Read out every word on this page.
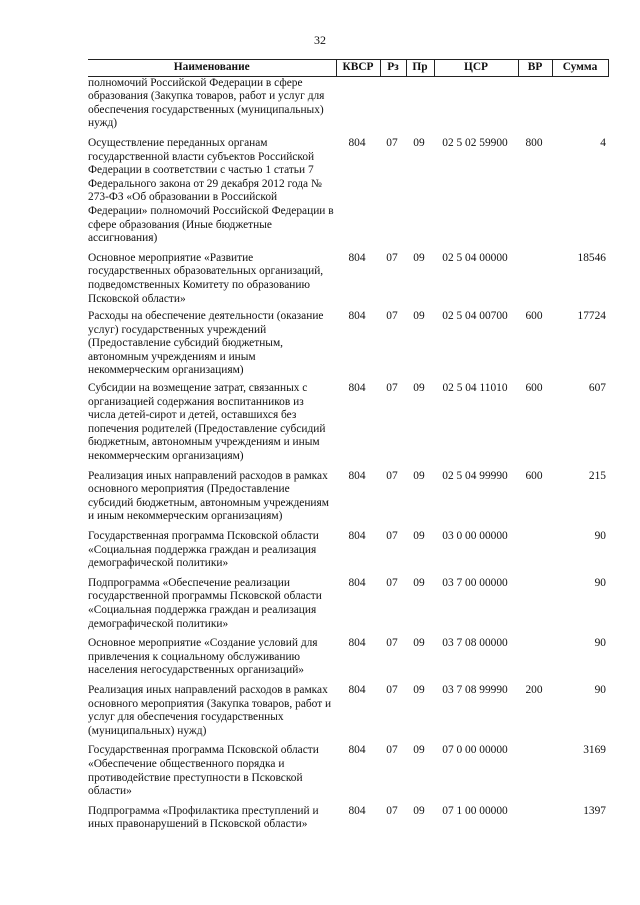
32
Наименование	КВСР	Рз	Пр	ЦСР	ВР	Сумма
полномочий Российской Федерации в сфере образования (Закупка товаров, работ и услуг для обеспечения государственных (муниципальных) нужд)						
Осуществление переданных органам государственной власти субъектов Российской Федерации в соответствии с частью 1 статьи 7 Федерального закона от 29 декабря 2012 года № 273-ФЗ «Об образовании в Российской Федерации» полномочий Российской Федерации в сфере образования (Иные бюджетные ассигнования)	804	07	09	02 5 02 59900	800	4
Основное мероприятие «Развитие государственных образовательных организаций, подведомственных Комитету по образованию Псковской области»	804	07	09	02 5 04 00000		18546
Расходы на обеспечение деятельности (оказание услуг) государственных учреждений (Предоставление субсидий бюджетным, автономным учреждениям и иным некоммерческим организациям)	804	07	09	02 5 04 00700	600	17724
Субсидии на возмещение затрат, связанных с организацией содержания воспитанников из числа детей-сирот и детей, оставшихся без попечения родителей (Предоставление субсидий бюджетным, автономным учреждениям и иным некоммерческим организациям)	804	07	09	02 5 04 11010	600	607
Реализация иных направлений расходов в рамках основного мероприятия (Предоставление субсидий бюджетным, автономным учреждениям и иным некоммерческим организациям)	804	07	09	02 5 04 99990	600	215
Государственная программа Псковской области «Социальная поддержка граждан и реализация демографической политики»	804	07	09	03 0 00 00000		90
Подпрограмма «Обеспечение реализации государственной программы Псковской области «Социальная поддержка граждан и реализация демографической политики»	804	07	09	03 7 00 00000		90
Основное мероприятие «Создание условий для привлечения к социальному обслуживанию населения негосударственных организаций»	804	07	09	03 7 08 00000		90
Реализация иных направлений расходов в рамках основного мероприятия (Закупка товаров, работ и услуг для обеспечения государственных (муниципальных) нужд)	804	07	09	03 7 08 99990	200	90
Государственная программа Псковской области «Обеспечение общественного порядка и противодействие преступности в Псковской области»	804	07	09	07 0 00 00000		3169
Подпрограмма «Профилактика преступлений и иных правонарушений в Псковской области»	804	07	09	07 1 00 00000		1397
